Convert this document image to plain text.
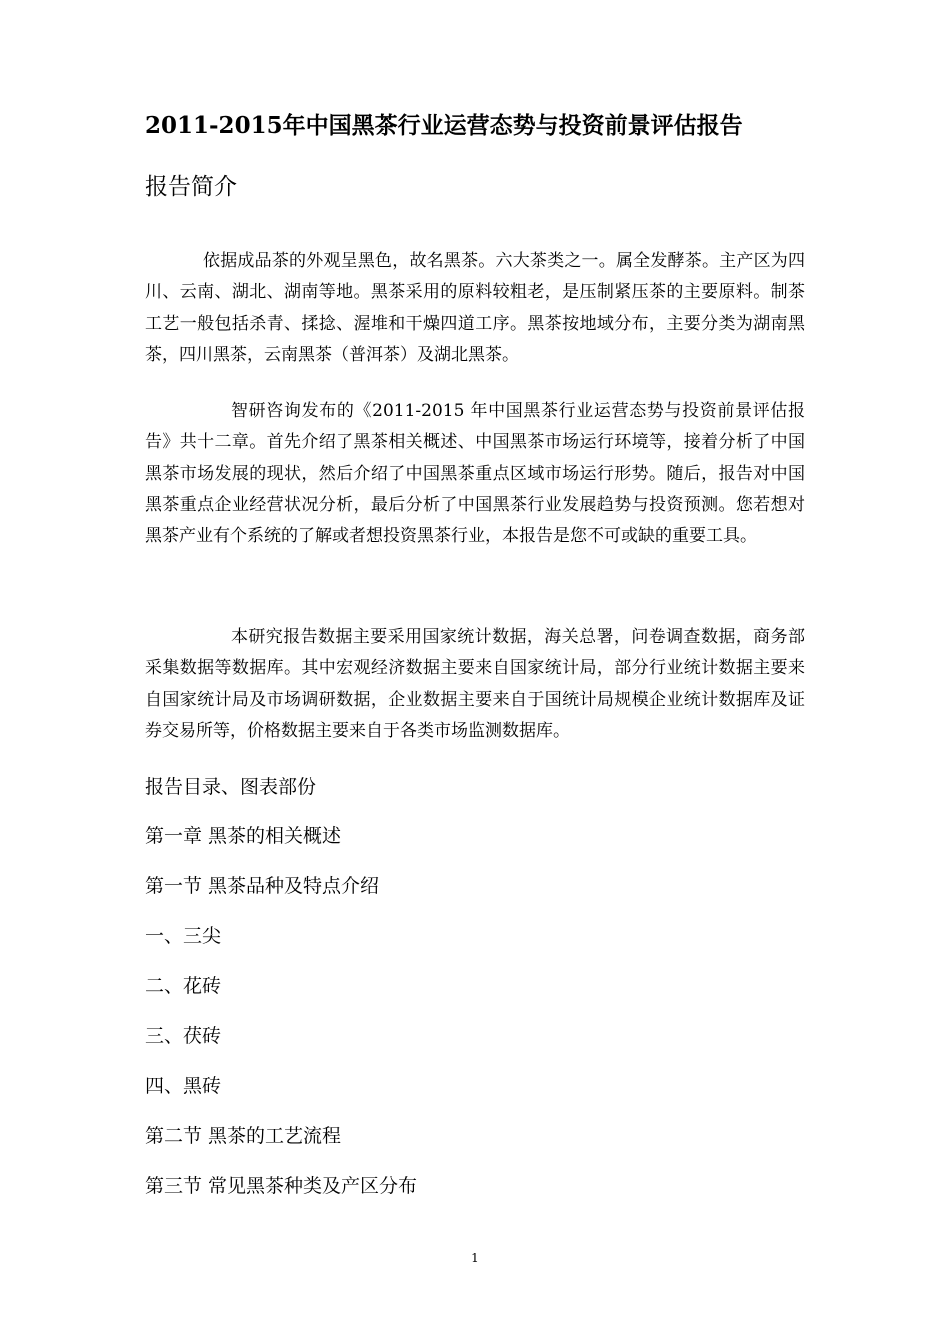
2011-2015年中国黑茶行业运营态势与投资前景评估报告
报告简介

依据成品茶的外观呈黑色，故名黑茶。六大茶类之一。属全发酵茶。主产区为四川、云南、湖北、湖南等地。黑茶采用的原料较粗老，是压制紧压茶的主要原料。制茶工艺一般包括杀青、揉捻、渥堆和干燥四道工序。黑茶按地域分布，主要分类为湖南黑茶，四川黑茶，云南黑茶（普洱茶）及湖北黑茶。

智研咨询发布的《2011-2015 年中国黑茶行业运营态势与投资前景评估报告》共十二章。首先介绍了黑茶相关概述、中国黑茶市场运行环境等，接着分析了中国黑茶市场发展的现状，然后介绍了中国黑茶重点区域市场运行形势。随后，报告对中国黑茶重点企业经营状况分析，最后分析了中国黑茶行业发展趋势与投资预测。您若想对黑茶产业有个系统的了解或者想投资黑茶行业，本报告是您不可或缺的重要工具。

本研究报告数据主要采用国家统计数据，海关总署，问卷调查数据，商务部采集数据等数据库。其中宏观经济数据主要来自国家统计局，部分行业统计数据主要来自国家统计局及市场调研数据，企业数据主要来自于国统计局规模企业统计数据库及证券交易所等，价格数据主要来自于各类市场监测数据库。

报告目录、图表部份
第一章 黑茶的相关概述
第一节 黑茶品种及特点介绍
一、三尖
二、花砖
三、茯砖
四、黑砖
第二节 黑茶的工艺流程
第三节 常见黑茶种类及产区分布
1
